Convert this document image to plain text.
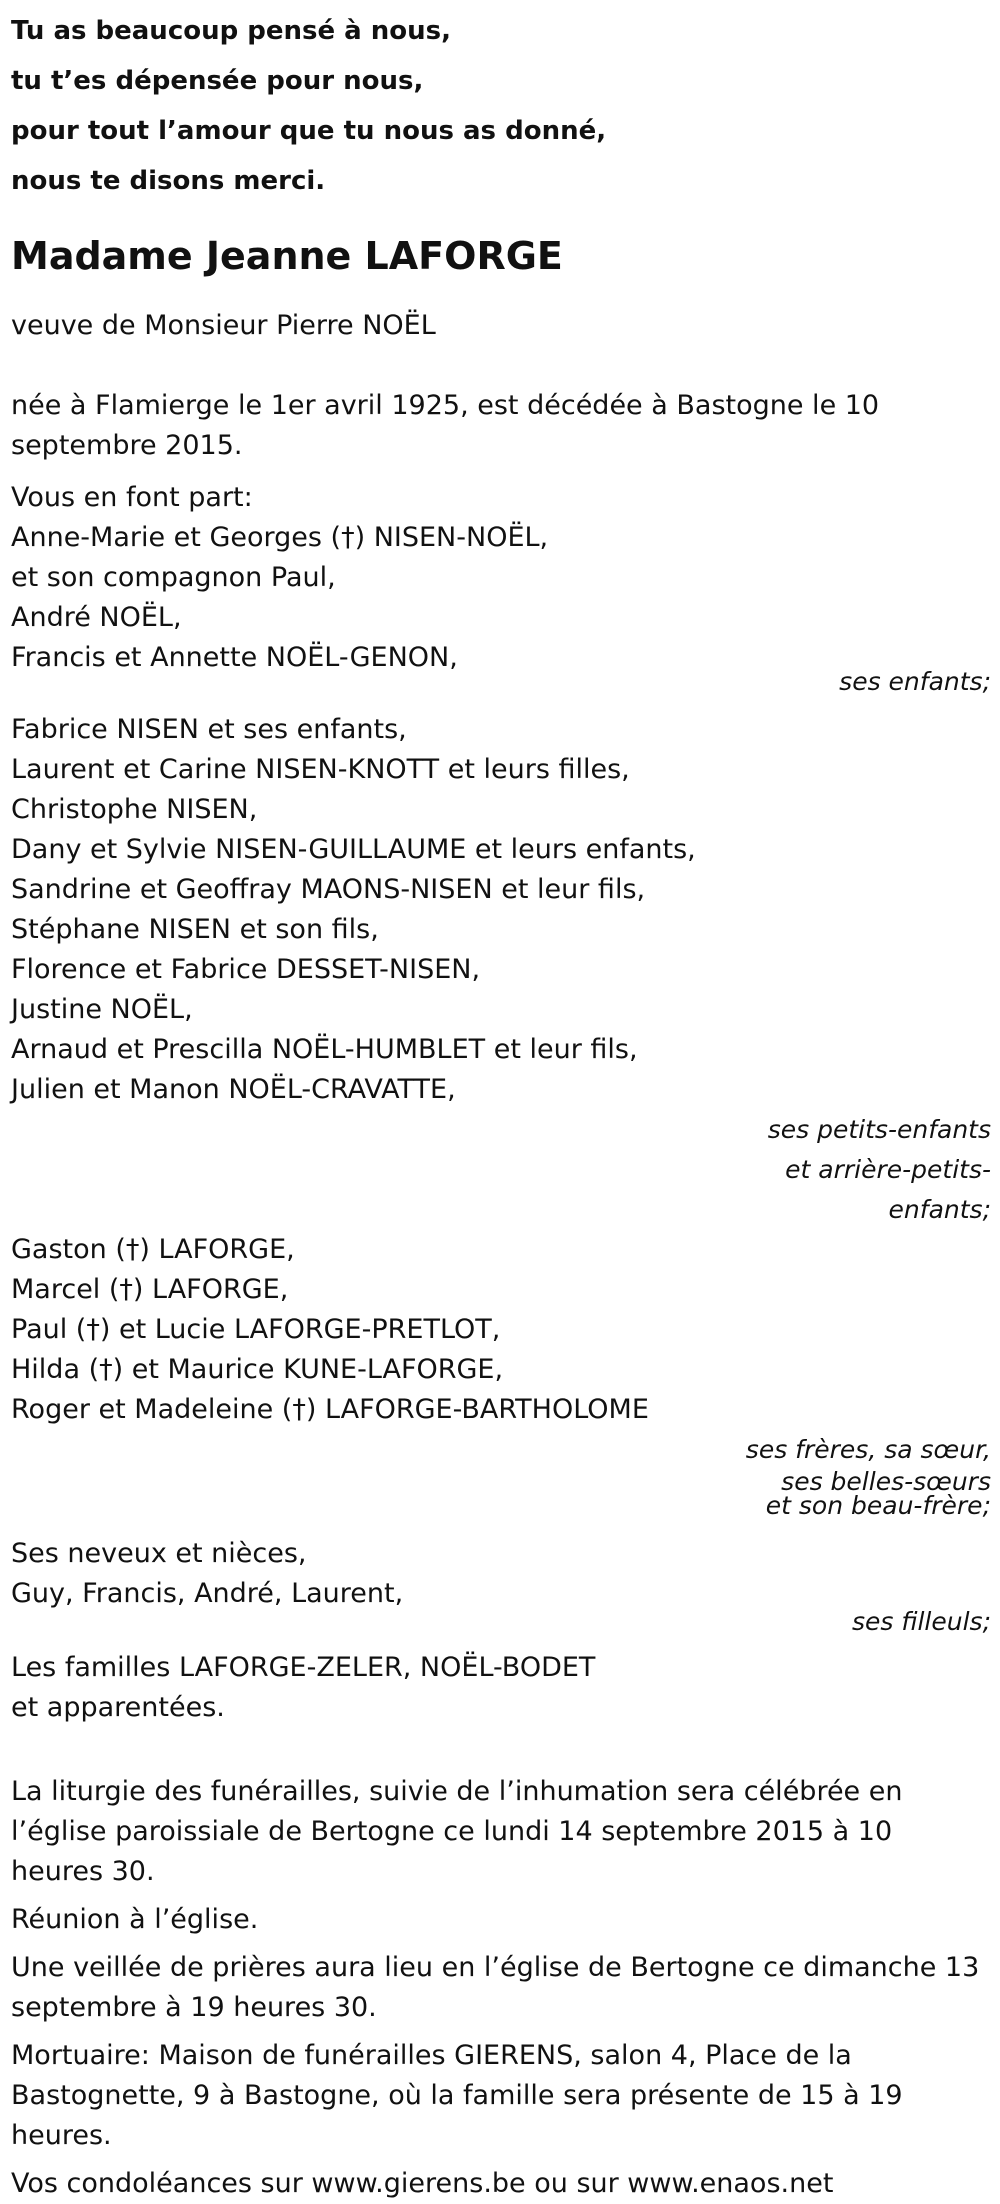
Tu as beaucoup pensé à nous,
tu t’es dépensée pour nous,
pour tout l’amour que tu nous as donné,
nous te disons merci.
Madame Jeanne LAFORGE
veuve de Monsieur Pierre NOËL
née à Flamierge le 1er avril 1925, est décédée à Bastogne le 10 septembre 2015.
Vous en font part:
Anne-Marie et Georges (†) NISEN-NOËL,
et son compagnon Paul,
André NOËL,
Francis et Annette NOËL-GENON,
ses enfants;
Fabrice NISEN et ses enfants,
Laurent et Carine NISEN-KNOTT et leurs filles,
Christophe NISEN,
Dany et Sylvie NISEN-GUILLAUME et leurs enfants,
Sandrine et Geoffray MAONS-NISEN et leur fils,
Stéphane NISEN et son fils,
Florence et Fabrice DESSET-NISEN,
Justine NOËL,
Arnaud et Prescilla NOËL-HUMBLET et leur fils,
Julien et Manon NOËL-CRAVATTE,
ses petits-enfants
et arrière-petits-
enfants;
Gaston (†) LAFORGE,
Marcel (†) LAFORGE,
Paul (†) et Lucie LAFORGE-PRETLOT,
Hilda (†) et Maurice KUNE-LAFORGE,
Roger et Madeleine (†) LAFORGE-BARTHOLOME
ses frères, sa sœur,
ses belles-sœurs
et son beau-frère;
Ses neveux et nièces,
Guy, Francis, André, Laurent,
ses filleuls;
Les familles LAFORGE-ZELER, NOËL-BODET
et apparentées.
La liturgie des funérailles, suivie de l’inhumation sera célébrée en l’église paroissiale de Bertogne ce lundi 14 septembre 2015 à 10 heures 30.
Réunion à l’église.
Une veillée de prières aura lieu en l’église de Bertogne ce dimanche 13 septembre à 19 heures 30.
Mortuaire: Maison de funérailles GIERENS, salon 4, Place de la Bastognette, 9 à Bastogne, où la famille sera présente de 15 à 19 heures.
Vos condoléances sur www.gierens.be ou sur www.enaos.net
